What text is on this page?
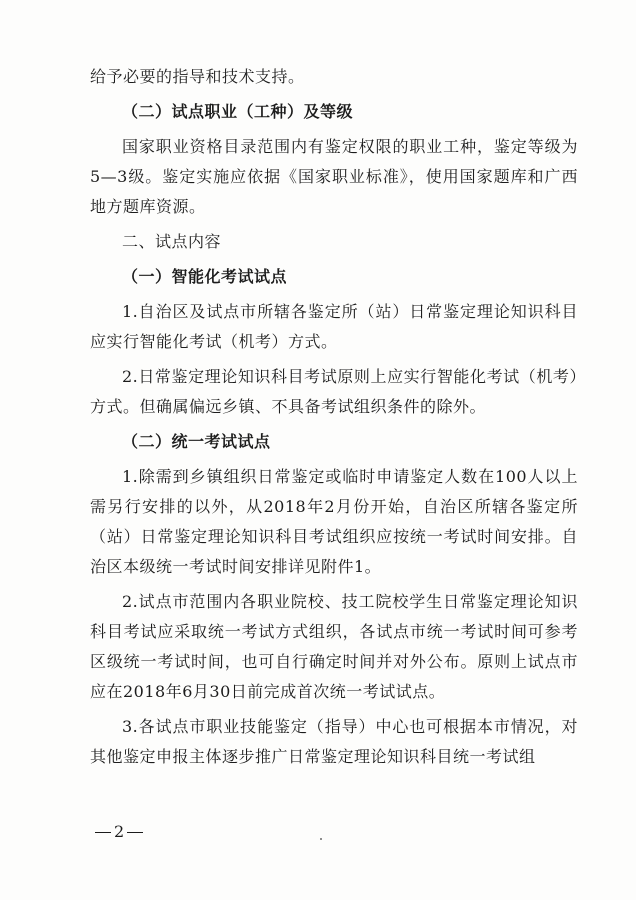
给予必要的指导和技术支持。

（二）试点职业（工种）及等级

国家职业资格目录范围内有鉴定权限的职业工种，鉴定等级为5—3级。鉴定实施应依据《国家职业标准》，使用国家题库和广西地方题库资源。

二、试点内容

（一）智能化考试试点

1.自治区及试点市所辖各鉴定所（站）日常鉴定理论知识科目应实行智能化考试（机考）方式。

2.日常鉴定理论知识科目考试原则上应实行智能化考试（机考）方式。但确属偏远乡镇、不具备考试组织条件的除外。

（二）统一考试试点

1.除需到乡镇组织日常鉴定或临时申请鉴定人数在100人以上需另行安排的以外，从2018年2月份开始，自治区所辖各鉴定所（站）日常鉴定理论知识科目考试组织应按统一考试时间安排。自治区本级统一考试时间安排详见附件1。

2.试点市范围内各职业院校、技工院校学生日常鉴定理论知识科目考试应采取统一考试方式组织，各试点市统一考试时间可参考区级统一考试时间，也可自行确定时间并对外公布。原则上试点市应在2018年6月30日前完成首次统一考试试点。

3.各试点市职业技能鉴定（指导）中心也可根据本市情况，对其他鉴定申报主体逐步推广日常鉴定理论知识科目统一考试组

2
